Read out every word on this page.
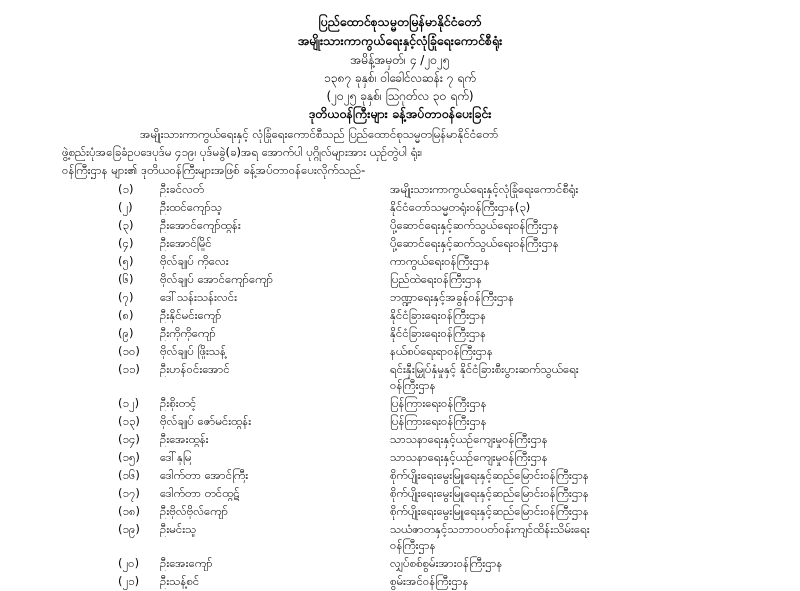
ပြည်ထောင်စုသမ္မတမြန်မာနိုင်ငံတော်
အမျိုးသားကာကွယ်ရေးနှင့်လုံခြုံရေးကောင်စီရုံး
အမိန့်အမှတ်၊ ၄ /၂၀၂၅
၁၃၈၇ ခုနှစ်၊ ဝါခေါင်လဆန်း ၇ ရက်
(၂၀၂၅ ခုနှစ်၊ ဩဂုတ်လ ၃၀ ရက်)
ဒုတိယဝန်ကြီးများ ခန့်အပ်တာဝန်ပေးခြင်း
အမျိုးသားကာကွယ်ရေးနှင့် လုံခြုံရေးကောင်စီသည် ပြည်ထောင်စုသမ္မတမြန်မာနိုင်ငံတော်
ဖွဲ့စည်းပုံအခြေခံဥပဒေပုဒ်မ ၄၁၉၊ ပုဒ်မခွဲ(ခ)အရ အောက်ပါ ပုဂ္ဂိုလ်များအား ယှဉ်တွဲပါ ရုံး၊
ဝန်ကြီးဌာန များ၏ ဒုတိယဝန်ကြီးများအဖြစ် ခန့်အပ်တာဝန်ပေးလိုက်သည်-
(၁)	ဦးခင်လတ်	အမျိုးသားကာကွယ်ရေးနှင့်လုံခြုံရေးကောင်စီရုံး
(၂)	ဦးထင်ကျော်သူ	နိုင်ငံတော်သမ္မတရုံးဝန်ကြီးဌာန(၃)
(၃)	ဦးအောင်ကျော်ထွန်း	ပို့ဆောင်ရေးနှင့်ဆက်သွယ်ရေးဝန်ကြီးဌာန
(၄)	ဦးအောင်မြိုင်	ပို့ဆောင်ရေးနှင့်ဆက်သွယ်ရေးဝန်ကြီးဌာန
(၅)	ဗိုလ်ချုပ် ကိုလေး	ကာကွယ်ရေးဝန်ကြီးဌာန
(၆)	ဗိုလ်ချုပ် အောင်ကျော်ကျော်	ပြည်ထဲရေးဝန်ကြီးဌာန
(၇)	ဒေါ်သန်းသန်းလင်း	ဘဏ္ဍာရေးနှင့်အခွန်ဝန်ကြီးဌာန
(၈)	ဦးနိုင်မင်းကျော်	နိုင်ငံခြားရေးဝန်ကြီးဌာန
(၉)	ဦးကိုကိုကျော်	နိုင်ငံခြားရေးဝန်ကြီးဌာန
(၁၀)	ဗိုလ်ချုပ် ဖြိုးသန့်	နယ်စပ်ရေးရာဝန်ကြီးဌာန
(၁၁)	ဦးဟန်ဝင်းအောင်	ရင်းနှီးမြှုပ်နှံမှုနှင့် နိုင်ငံခြားစီးပွားဆက်သွယ်ရေး
ဝန်ကြီးဌာန
(၁၂)	ဦးစိုးတင့်	ပြန်ကြားရေးဝန်ကြီးဌာန
(၁၃)	ဗိုလ်ချုပ် ဇော်မင်းထွန်း	ပြန်ကြားရေးဝန်ကြီးဌာန
(၁၄)	ဦးအေးထွန်း	သာသနာရေးနှင့်ယဉ်ကျေးမှုဝန်ကြီးဌာန
(၁၅)	ဒေါ်နုမြ	သာသနာရေးနှင့်ယဉ်ကျေးမှုဝန်ကြီးဌာန
(၁၆)	ဒေါက်တာ အောင်ကြီး	စိုက်ပျိုးရေးမွေးမြူရေးနှင့်ဆည်မြောင်းဝန်ကြီးဌာန
(၁၇)	ဒေါက်တာ တင်ထွဋ်	စိုက်ပျိုးရေးမွေးမြူရေးနှင့်ဆည်မြောင်းဝန်ကြီးဌာန
(၁၈)	ဦးဗိုလ်ဗိုလ်ကျော်	စိုက်ပျိုးရေးမွေးမြူရေးနှင့်ဆည်မြောင်းဝန်ကြီးဌာန
(၁၉)	ဦးမင်းသူ	သယံဇာတနှင့်သဘာဝပတ်ဝန်းကျင်ထိန်းသိမ်းရေး
ဝန်ကြီးဌာန
(၂၀)	ဦးအေးကျော်	လျှပ်စစ်စွမ်းအားဝန်ကြီးဌာန
(၂၁)	ဦးသန့်စင်	စွမ်းအင်ဝန်ကြီးဌာန
